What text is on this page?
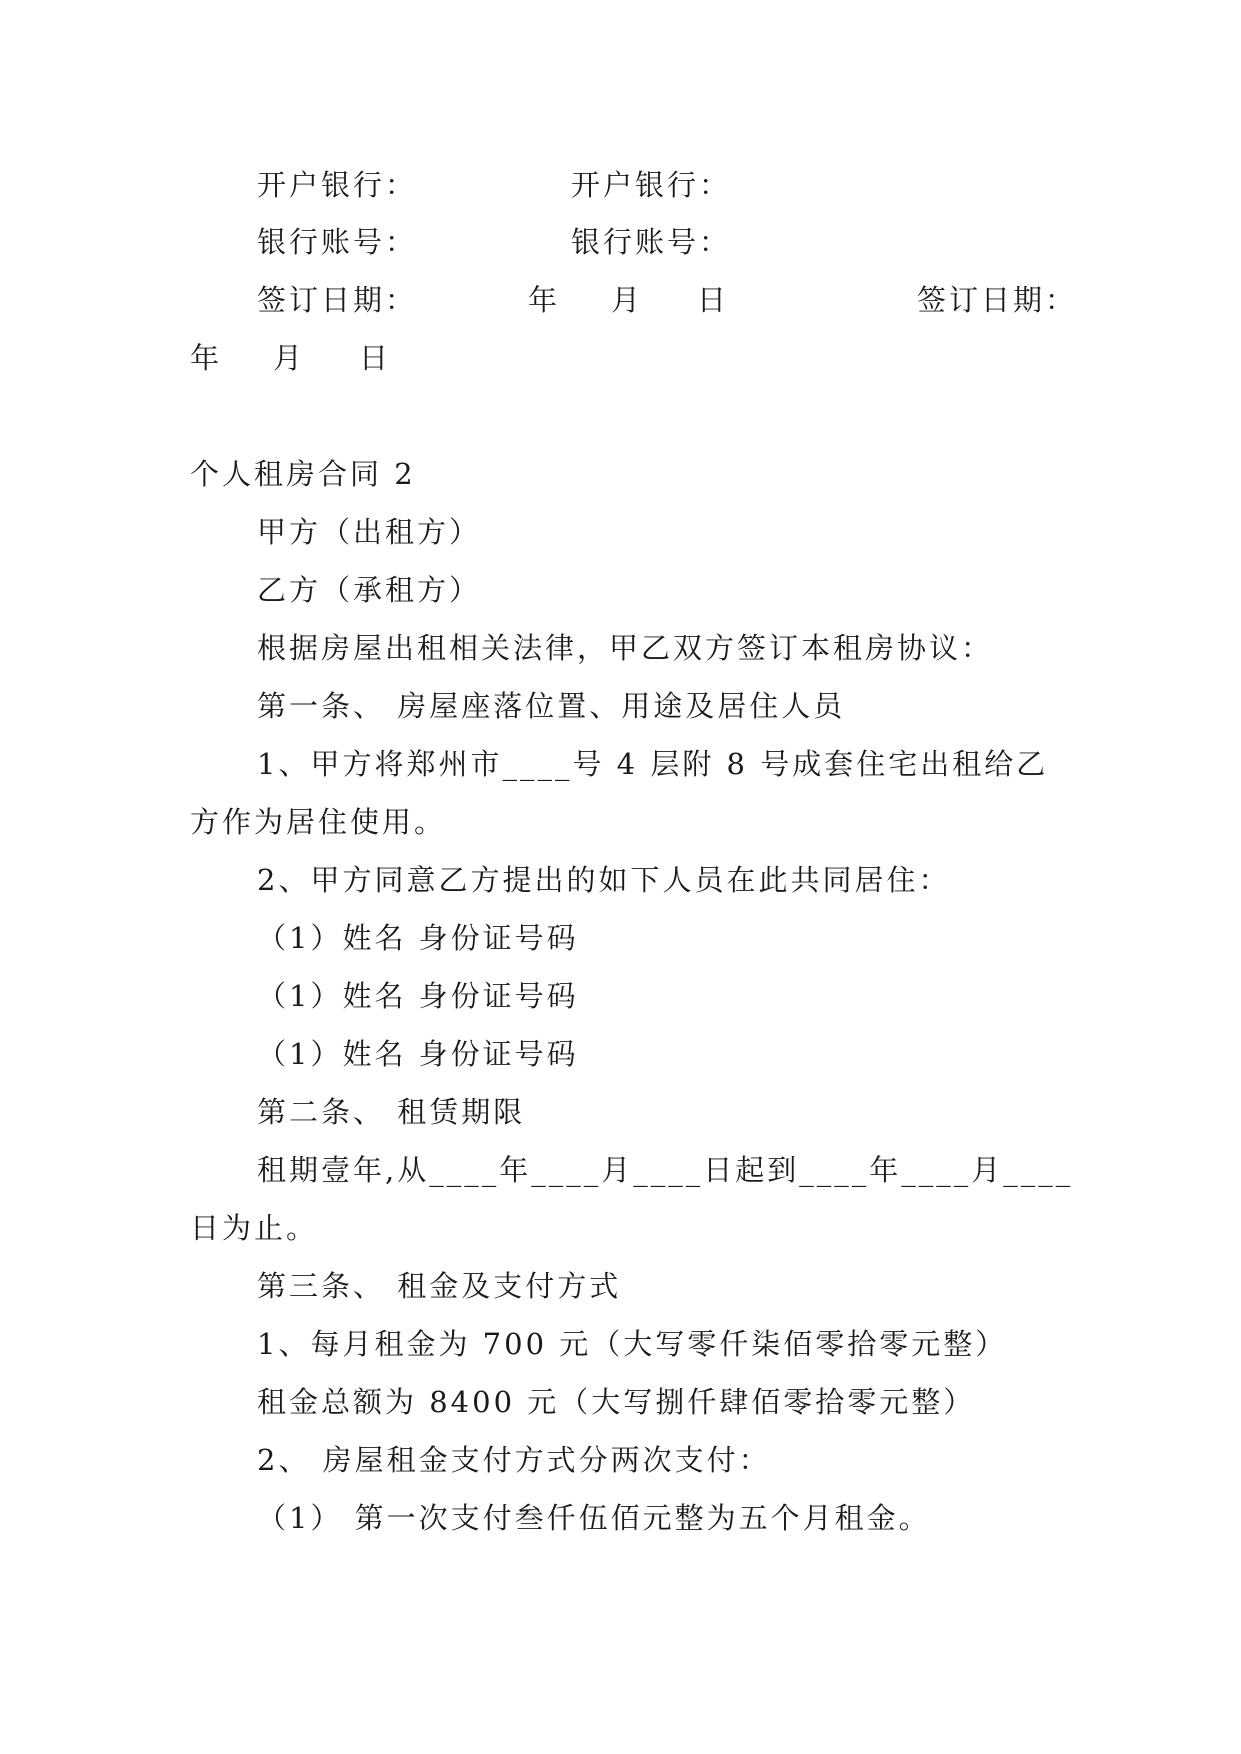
开户银行：	开户银行：
银行账号：	银行账号：
签订日期：	年 月 日	签订日期：
年 月 日
个人租房合同 2
甲方（出租方）
乙方（承租方）
根据房屋出租相关法律，甲乙双方签订本租房协议：
第一条、 房屋座落位置、用途及居住人员
1、甲方将郑州市____号 4 层附 8 号成套住宅出租给乙
方作为居住使用。
2、甲方同意乙方提出的如下人员在此共同居住：
（1）姓名 身份证号码
（1）姓名 身份证号码
（1）姓名 身份证号码
第二条、 租赁期限
租期壹年,从____年____月____日起到____年____月____
日为止。
第三条、 租金及支付方式
1、每月租金为 700 元（大写零仟柒佰零拾零元整）
租金总额为 8400 元（大写捌仟肆佰零拾零元整）
2、 房屋租金支付方式分两次支付：
（1） 第一次支付叁仟伍佰元整为五个月租金。
